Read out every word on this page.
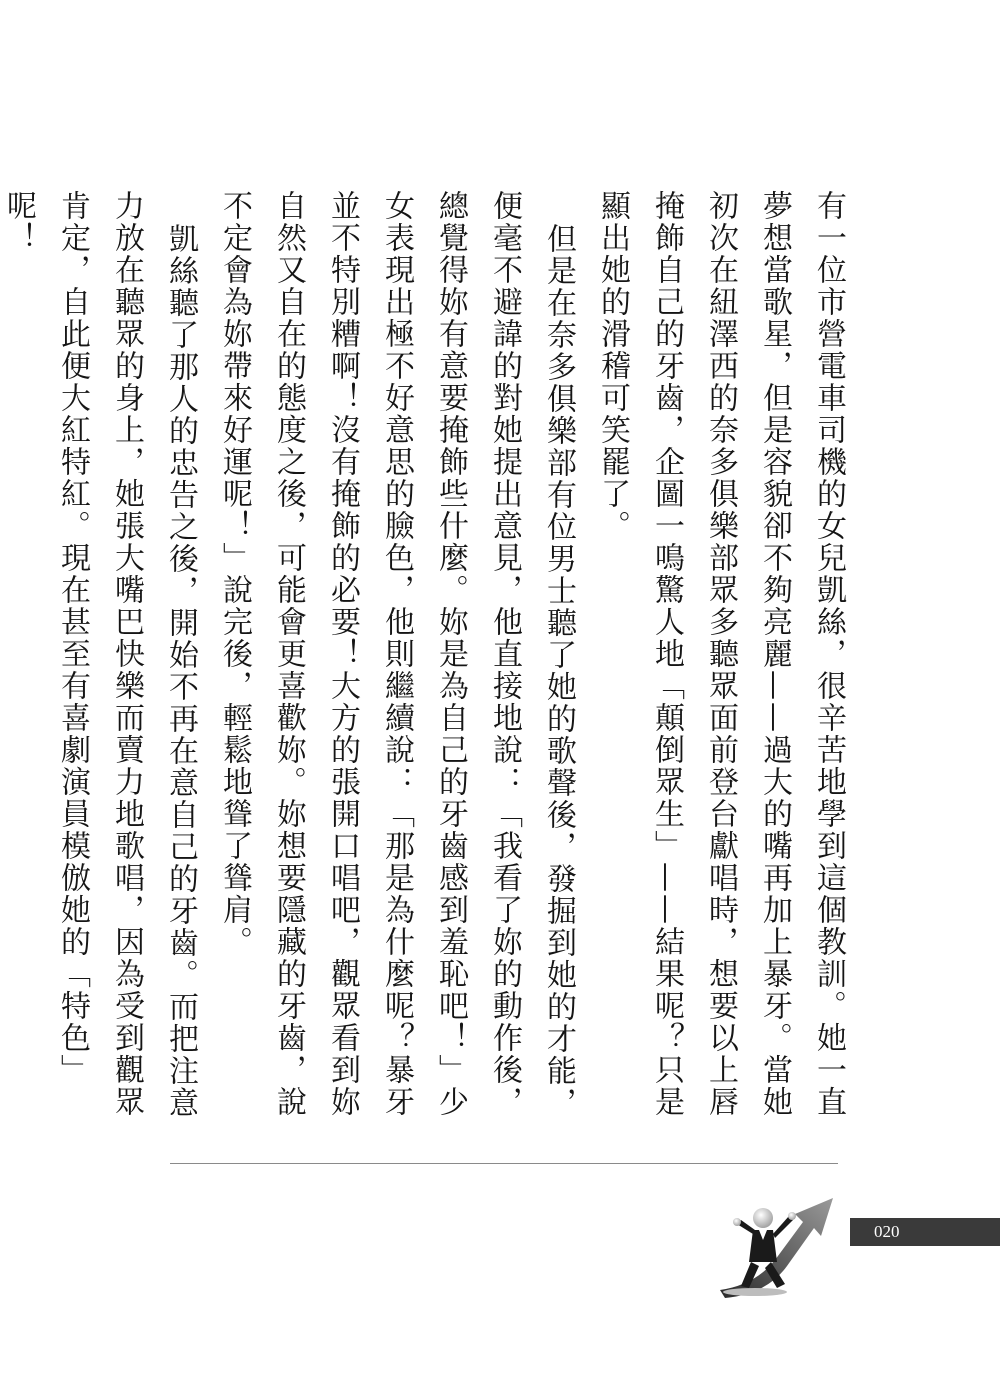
有一位市營電車司機的女兒凱絲，很辛苦地學到這個教訓。她一直夢想當歌星，但是容貌卻不夠亮麗——過大的嘴再加上暴牙。當她初次在紐澤西的奈多俱樂部眾多聽眾面前登台獻唱時，想要以上唇掩飾自己的牙齒，企圖一鳴驚人地「顛倒眾生」——結果呢？只是顯出她的滑稽可笑罷了。

但是在奈多俱樂部有位男士聽了她的歌聲後，發掘到她的才能，便毫不避諱的對她提出意見，他直接地說：「我看了妳的動作後，總覺得妳有意要掩飾些什麼。妳是為自己的牙齒感到羞恥吧！」少女表現出極不好意思的臉色，他則繼續說：「那是為什麼呢？暴牙並不特別糟啊！沒有掩飾的必要！大方的張開口唱吧，觀眾看到妳自然又自在的態度之後，可能會更喜歡妳。妳想要隱藏的牙齒，說不定會為妳帶來好運呢！」說完後，輕鬆地聳了聳肩。

凱絲聽了那人的忠告之後，開始不再在意自己的牙齒。而把注意力放在聽眾的身上，她張大嘴巴快樂而賣力地歌唱，因為受到觀眾肯定，自此便大紅特紅。現在甚至有喜劇演員模倣她的「特色」呢！

020
